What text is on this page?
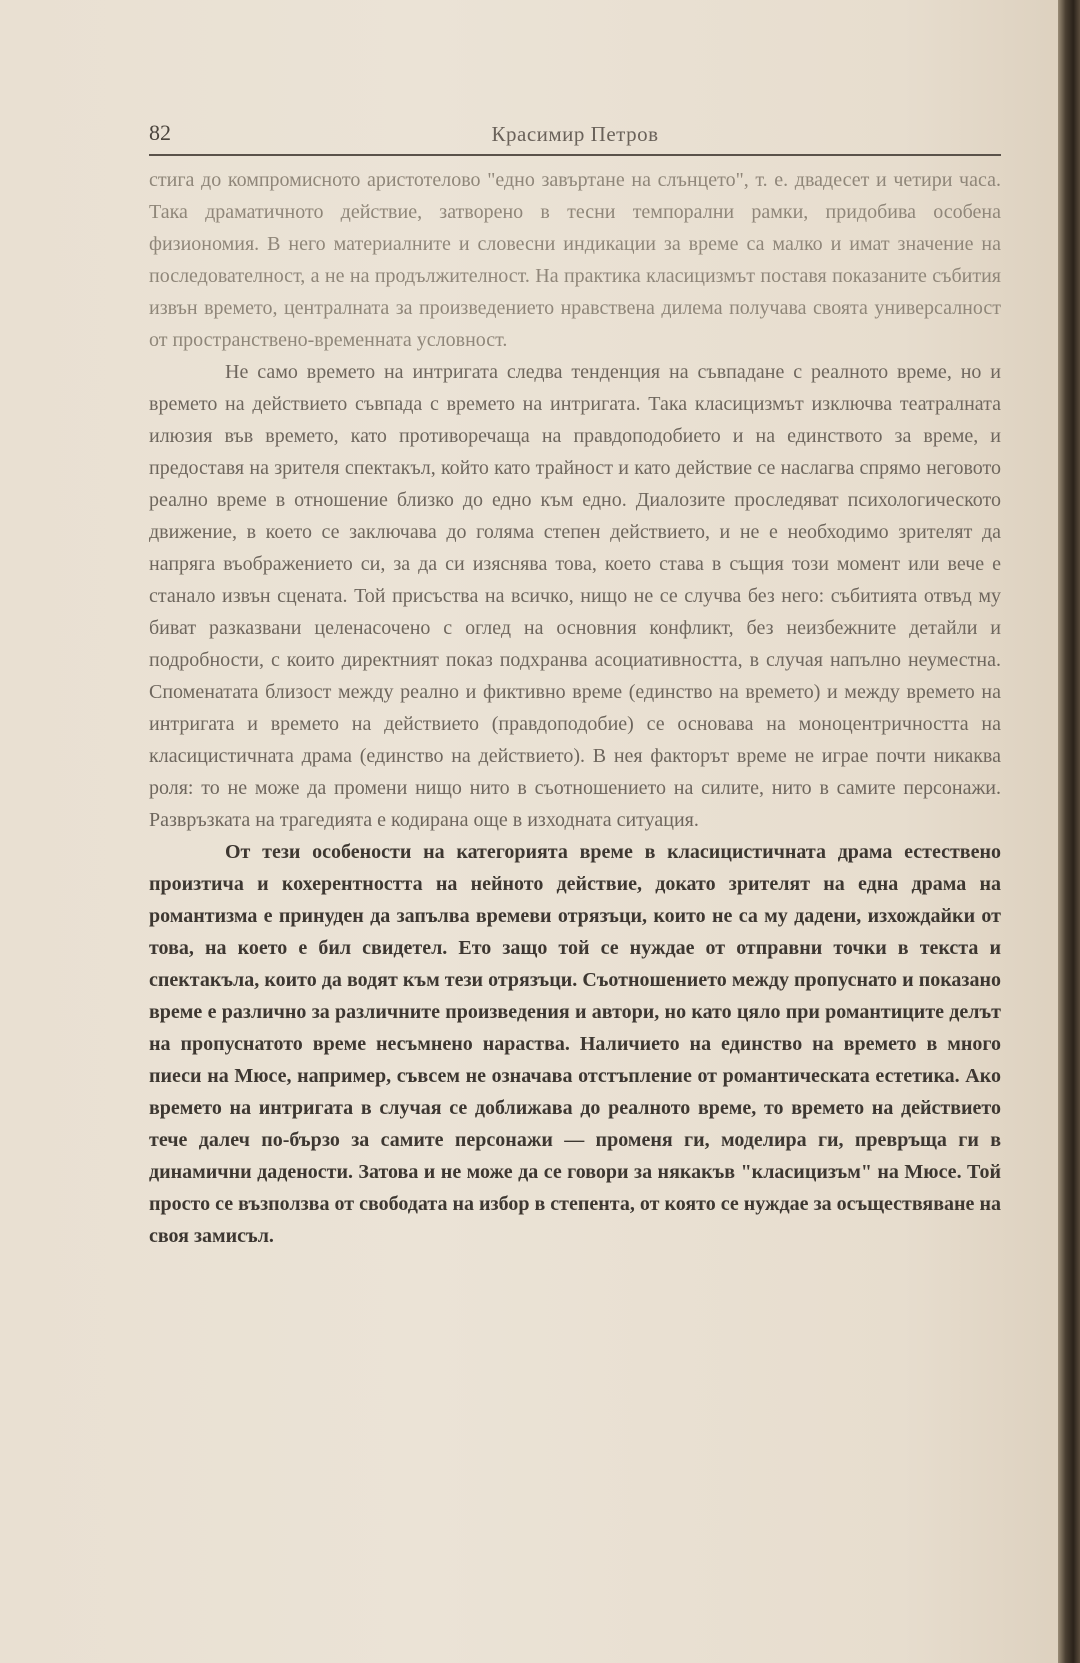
82	Красимир Петров

стига до компромисното аристотелово "едно завъртане на слънцето", т. е. двадесет и четири часа. Така драматичното действие, затворено в тесни темпорални рамки, придобива особена физиономия. В него материалните и словесни индикации за време са малко и имат значение на последователност, а не на продължителност. На практика класицизмът поставя показаните събития извън времето, централната за произведението нравствена дилема получава своята универсалност от пространствено-временната условност.

Не само времето на интригата следва тенденция на съвпадане с реалното време, но и времето на действието съвпада с времето на интригата. Така класицизмът изключва театралната илюзия във времето, като противоречаща на правдоподобието и на единството за време, и предоставя на зрителя спектакъл, който като трайност и като действие се наслагва спрямо неговото реално време в отношение близко до едно към едно. Диалозите проследяват психологическото движение, в което се заключава до голяма степен действието, и не е необходимо зрителят да напряга въображението си, за да си изяснява това, което става в същия този момент или вече е станало извън сцената. Той присъства на всичко, нищо не се случва без него: събитията отвъд му биват разказвани целенасочено с оглед на основния конфликт, без неизбежните детайли и подробности, с които директният показ подхранва асоциативността, в случая напълно неуместна. Споменатата близост между реално и фиктивно време (единство на времето) и между времето на интригата и времето на действието (правдоподобие) се основава на моноцентричността на класицистичната драма (единство на действието). В нея факторът време не играе почти никаква роля: то не може да промени нищо нито в съотношението на силите, нито в самите персонажи. Развръзката на трагедията е кодирана още в изходната ситуация.

От тези особености на категорията време в класицистичната драма естествено произтича и кохерентността на нейното действие, докато зрителят на една драма на романтизма е принуден да запълва времеви отрязъци, които не са му дадени, изхождайки от това, на което е бил свидетел. Ето защо той се нуждае от отправни точки в текста и спектакъла, които да водят към тези отрязъци. Съотношението между пропуснато и показано време е различно за различните произведения и автори, но като цяло при романтиците делът на пропуснатото време несъмнено нараства. Наличието на единство на времето в много пиеси на Мюсе, например, съвсем не означава отстъпление от романтическата естетика. Ако времето на интригата в случая се доближава до реалното време, то времето на действието тече далеч по-бързо за самите персонажи — променя ги, моделира ги, превръща ги в динамични дадености. Затова и не може да се говори за някакъв "класицизъм" на Мюсе. Той просто се възползва от свободата на избор в степента, от която се нуждае за осъществяване на своя замисъл.
